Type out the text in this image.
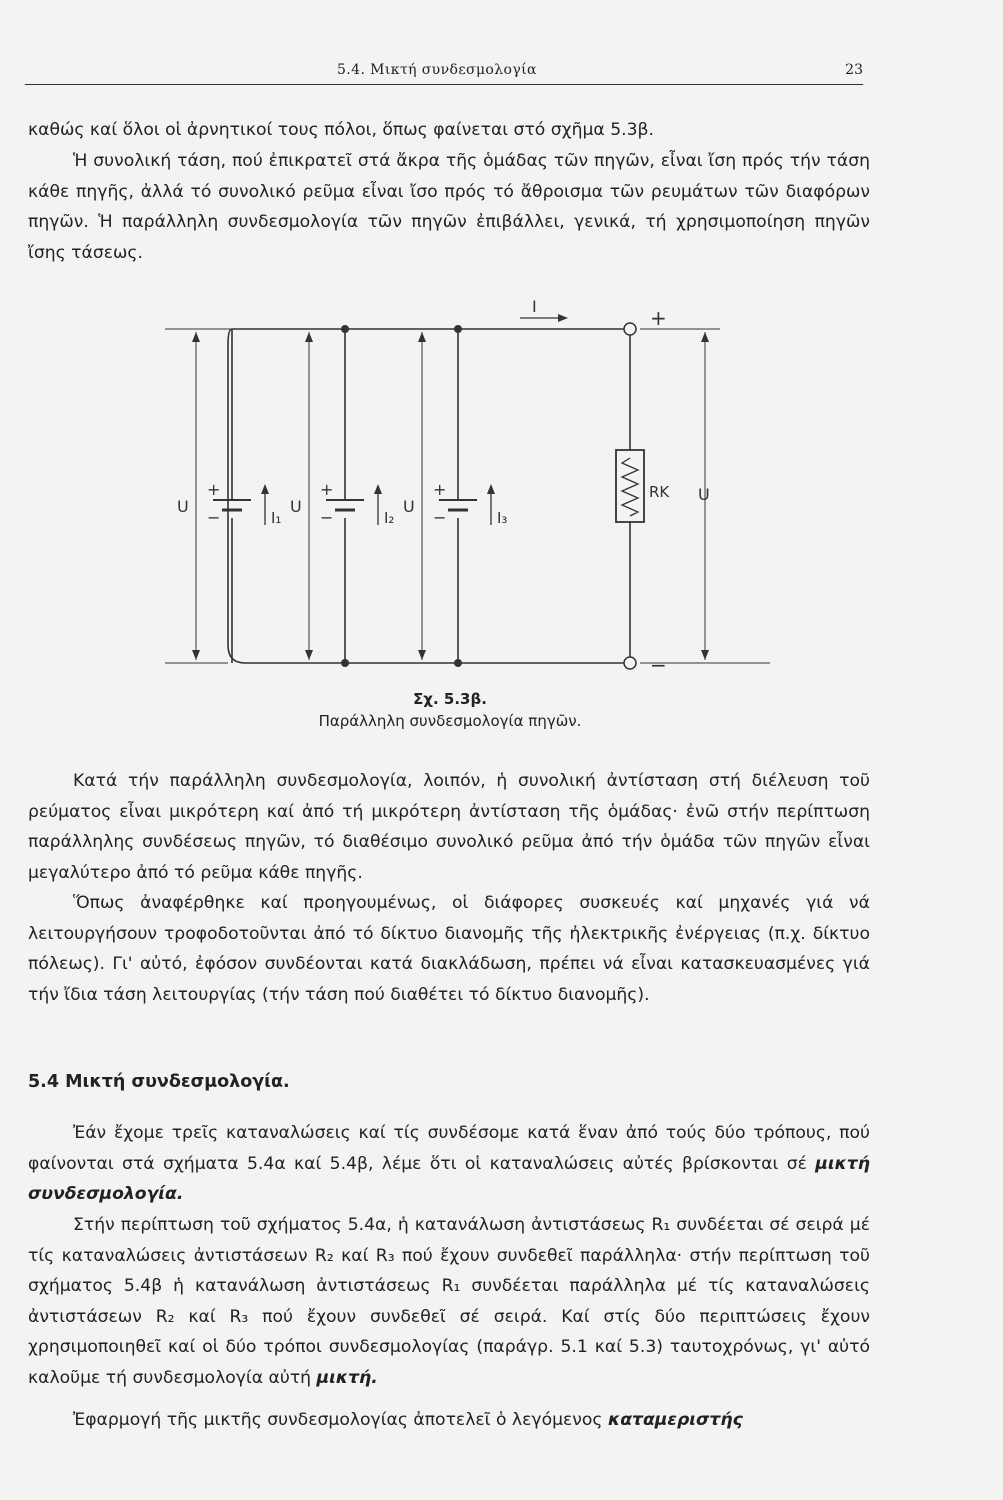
5.4. Μικτή συνδεσμολογία	23

καθώς καί ὅλοι οἱ ἀρνητικοί τους πόλοι, ὅπως φαίνεται στό σχῆμα 5.3β.

Ἡ συνολική τάση, πού ἐπικρατεῖ στά ἄκρα τῆς ὁμάδας τῶν πηγῶν, εἶναι ἴση πρός τήν τάση κάθε πηγῆς, ἀλλά τό συνολικό ρεῦμα εἶναι ἴσο πρός τό ἄθροισμα τῶν ρευμάτων τῶν διαφόρων πηγῶν. Ἡ παράλληλη συνδεσμολογία τῶν πηγῶν ἐπιβάλλει, γενικά, τή χρησιμοποίηση πηγῶν ἴσης τάσεως.

I	+
−
U	U	U
U
+
−
+
−
+
−
I₁	I₂	I₃
RK
Σχ. 5.3β.
Παράλληλη συνδεσμολογία πηγῶν.

Κατά τήν παράλληλη συνδεσμολογία, λοιπόν, ἡ συνολική ἀντίσταση στή διέλευση τοῦ ρεύματος εἶναι μικρότερη καί ἀπό τή μικρότερη ἀντίσταση τῆς ὁμάδας· ἐνῶ στήν περίπτωση παράλληλης συνδέσεως πηγῶν, τό διαθέσιμο συνολικό ρεῦμα ἀπό τήν ὁμάδα τῶν πηγῶν εἶναι μεγαλύτερο ἀπό τό ρεῦμα κάθε πηγῆς.

Ὅπως ἀναφέρθηκε καί προηγουμένως, οἱ διάφορες συσκευές καί μηχανές γιά νά λειτουργήσουν τροφοδοτοῦνται ἀπό τό δίκτυο διανομῆς τῆς ἠλεκτρικῆς ἐνέργειας (π.χ. δίκτυο πόλεως). Γι' αὐτό, ἐφόσον συνδέονται κατά διακλάδωση, πρέπει νά εἶναι κατασκευασμένες γιά τήν ἴδια τάση λειτουργίας (τήν τάση πού διαθέτει τό δίκτυο διανομῆς).

5.4 Μικτή συνδεσμολογία.

Ἐάν ἔχομε τρεῖς καταναλώσεις καί τίς συνδέσομε κατά ἕναν ἀπό τούς δύο τρόπους, πού φαίνονται στά σχήματα 5.4α καί 5.4β, λέμε ὅτι οἱ καταναλώσεις αὐτές βρίσκονται σέ μικτή συνδεσμολογία.

Στήν περίπτωση τοῦ σχήματος 5.4α, ἡ κατανάλωση ἀντιστάσεως R₁ συνδέεται σέ σειρά μέ τίς καταναλώσεις ἀντιστάσεων R₂ καί R₃ πού ἔχουν συνδεθεῖ παράλληλα· στήν περίπτωση τοῦ σχήματος 5.4β ἡ κατανάλωση ἀντιστάσεως R₁ συνδέεται παράλληλα μέ τίς καταναλώσεις ἀντιστάσεων R₂ καί R₃ πού ἔχουν συνδεθεῖ σέ σειρά. Καί στίς δύο περιπτώσεις ἔχουν χρησιμοποιηθεῖ καί οἱ δύο τρόποι συνδεσμολογίας (παράγρ. 5.1 καί 5.3) ταυτοχρόνως, γι' αὐτό καλοῦμε τή συνδεσμολογία αὐτή μικτή.

Ἐφαρμογή τῆς μικτῆς συνδεσμολογίας ἀποτελεῖ ὁ λεγόμενος καταμεριστής
